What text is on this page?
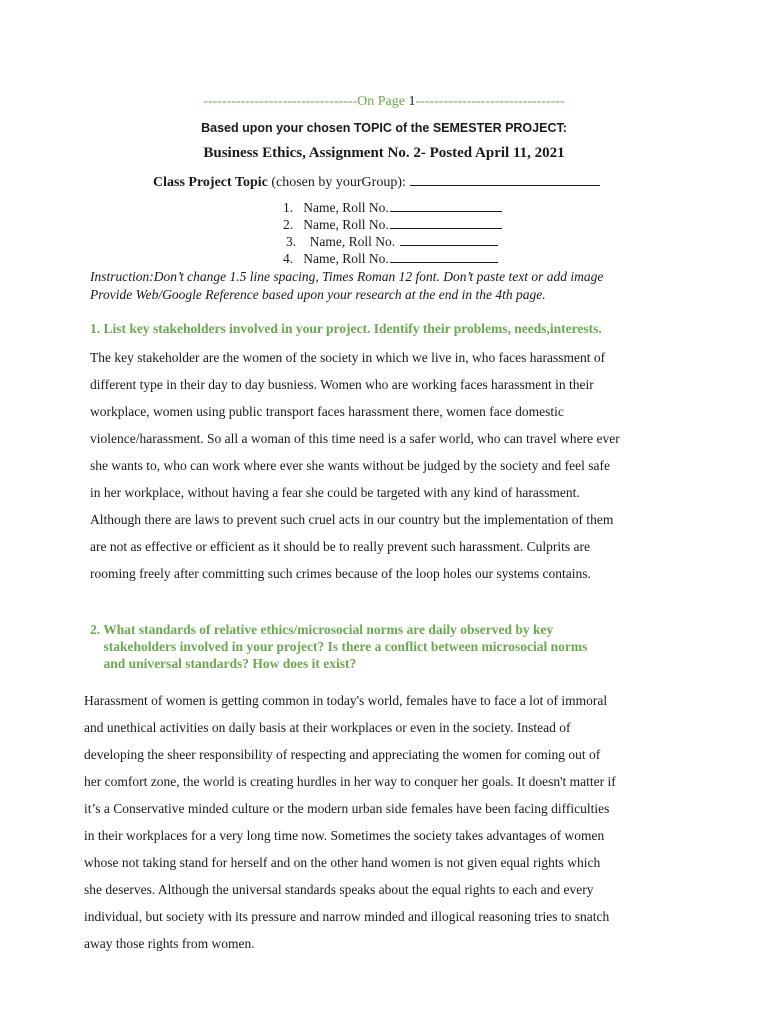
---------------------------------On Page 1--------------------------------
Based upon your chosen TOPIC of the SEMESTER PROJECT:
Business Ethics, Assignment No. 2- Posted April 11, 2021
Class Project Topic (chosen by yourGroup):
1. Name, Roll No.
2. Name, Roll No.
3.    Name, Roll No.
4. Name, Roll No.
Instruction:Don’t change 1.5 line spacing, Times Roman 12 font. Don’t paste text or add image
Provide Web/Google Reference based upon your research at the end in the 4th page.
1. List key stakeholders involved in your project. Identify their problems, needs,interests.
The key stakeholder are the women of the society in which we live in, who faces harassment of
different type in their day to day busniess. Women who are working faces harassment in their
workplace, women using public transport faces harassment there, women face domestic
violence/harassment. So all a woman of this time need is a safer world, who can travel where ever
she wants to, who can work where ever she wants without be judged by the society and feel safe
in her workplace, without having a fear she could be targeted with any kind of harassment.
Although there are laws to prevent such cruel acts in our country but the implementation of them
are not as effective or efficient as it should be to really prevent such harassment. Culprits are
rooming freely after committing such crimes because of the loop holes our systems contains.
2. What standards of relative ethics/microsocial norms are daily observed by key
stakeholders involved in your project? Is there a conflict between microsocial norms
and universal standards? How does it exist?
Harassment of women is getting common in today's world, females have to face a lot of immoral
and unethical activities on daily basis at their workplaces or even in the society. Instead of
developing the sheer responsibility of respecting and appreciating the women for coming out of
her comfort zone, the world is creating hurdles in her way to conquer her goals. It doesn't matter if
it’s a Conservative minded culture or the modern urban side females have been facing difficulties
in their workplaces for a very long time now. Sometimes the society takes advantages of women
whose not taking stand for herself and on the other hand women is not given equal rights which
she deserves. Although the universal standards speaks about the equal rights to each and every
individual, but society with its pressure and narrow minded and illogical reasoning tries to snatch
away those rights from women.
